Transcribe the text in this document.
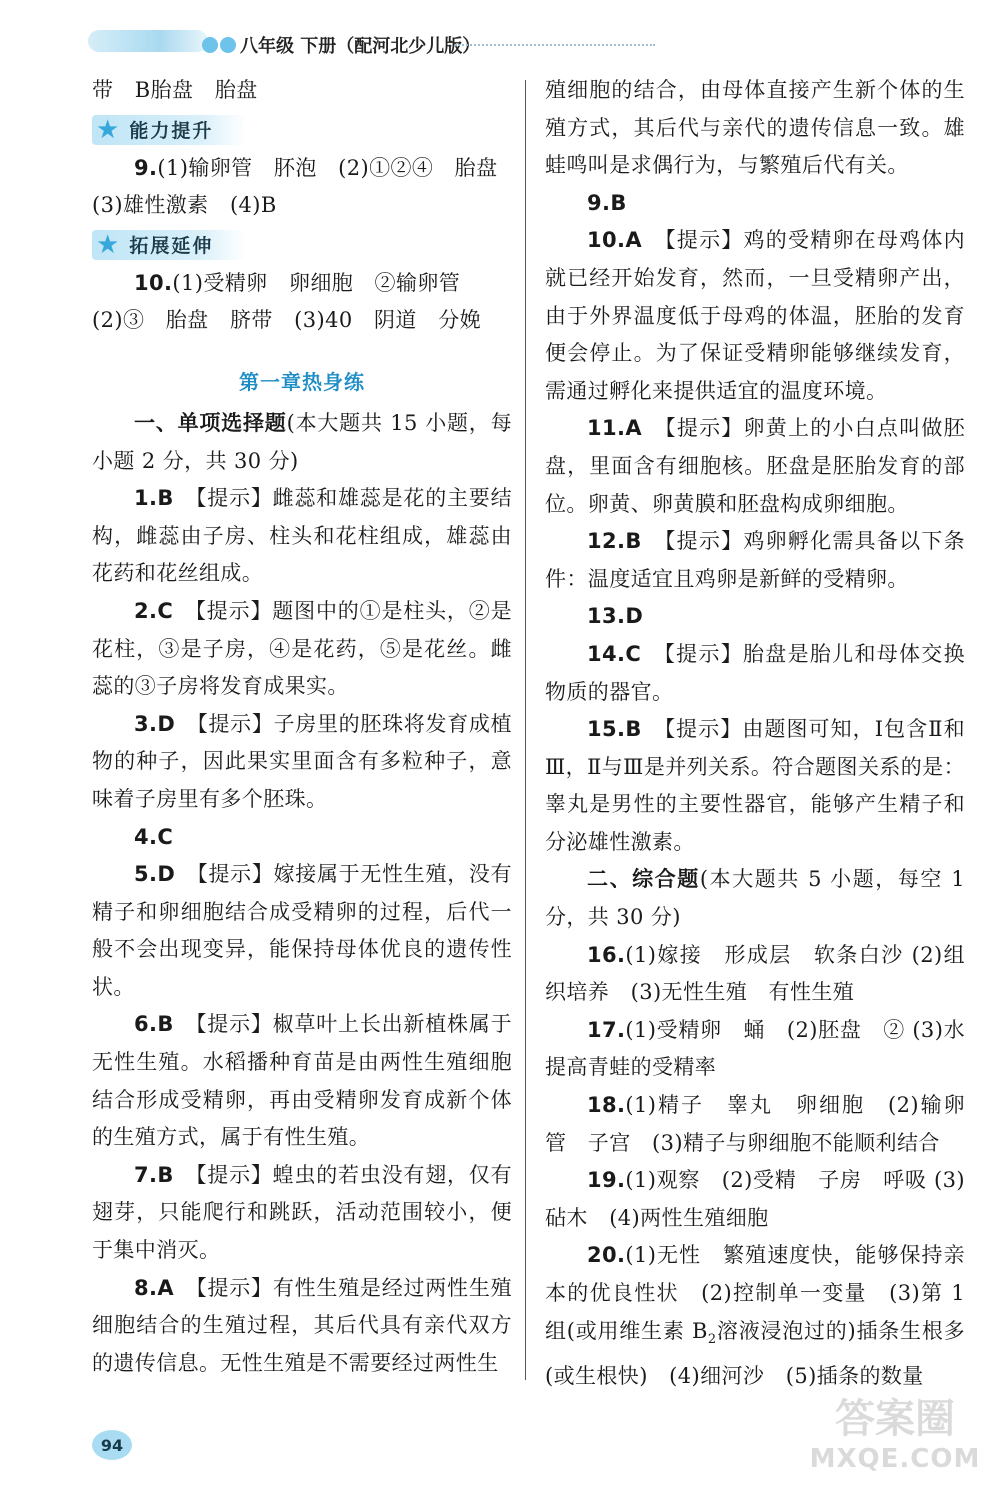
八年级 下册（配河北少儿版）

带　B胎盘　胎盘

★ 能力提升

9.(1)输卵管　肧泡　(2)①②④　胎盘

(3)雄性激素　(4)B

★ 拓展延伸

10.(1)受精卵　卵细胞　②输卵管

(2)③　胎盘　脐带　(3)40　阴道　分娩

第一章热身练

一、单项选择题(本大题共 15 小题，每小题 2 分，共 30 分)

1.B　 【提示】雌蕊和雄蕊是花的主要结构，雌蕊由子房、柱头和花柱组成，雄蕊由花药和花丝组成。

2.C　 【提示】题图中的①是柱头，②是花柱，③是子房，④是花药，⑤是花丝。雌蕊的③子房将发育成果实。

3.D　 【提示】子房里的胚珠将发育成植物的种子，因此果实里面含有多粒种子，意味着子房里有多个胚珠。

4.C

5.D　 【提示】嫁接属于无性生殖，没有精子和卵细胞结合成受精卵的过程，后代一般不会出现变异，能保持母体优良的遗传性状。

6.B　 【提示】椒草叶上长出新植株属于无性生殖。水稻播种育苗是由两性生殖细胞结合形成受精卵，再由受精卵发育成新个体的生殖方式，属于有性生殖。

7.B　 【提示】蝗虫的若虫没有翅，仅有翅芽，只能爬行和跳跃，活动范围较小，便于集中消灭。

8.A　 【提示】有性生殖是经过两性生殖细胞结合的生殖过程，其后代具有亲代双方的遗传信息。无性生殖是不需要经过两性生

殖细胞的结合，由母体直接产生新个体的生殖方式，其后代与亲代的遗传信息一致。雄蛙鸣叫是求偶行为，与繁殖后代有关。

9.B

10.A　 【提示】鸡的受精卵在母鸡体内就已经开始发育，然而，一旦受精卵产出，由于外界温度低于母鸡的体温，胚胎的发育便会停止。为了保证受精卵能够继续发育，需通过孵化来提供适宜的温度环境。

11.A　 【提示】卵黄上的小白点叫做胚盘，里面含有细胞核。胚盘是胚胎发育的部位。卵黄、卵黄膜和胚盘构成卵细胞。

12.B　 【提示】鸡卵孵化需具备以下条件：温度适宜且鸡卵是新鲜的受精卵。

13.D

14.C　 【提示】胎盘是胎儿和母体交换物质的器官。

15.B　 【提示】由题图可知，Ⅰ包含Ⅱ和Ⅲ，Ⅱ与Ⅲ是并列关系。符合题图关系的是：睾丸是男性的主要性器官，能够产生精子和分泌雄性激素。

二、综合题(本大题共 5 小题，每空 1 分，共 30 分)

16.(1)嫁接　形成层　软条白沙 (2)组织培养　(3)无性生殖　有性生殖

17.(1)受精卵　蛹　(2)胚盘　② (3)水　提高青蛙的受精率

18.(1)精子　睾丸　卵细胞　(2)输卵管　子宫　(3)精子与卵细胞不能顺利结合

19.(1)观察　(2)受精　子房　呼吸 (3)砧木　(4)两性生殖细胞

20.(1)无性　繁殖速度快，能够保持亲本的优良性状　(2)控制单一变量　(3)第 1 组(或用维生素 $B_2$溶液浸泡过的)插条生根多(或生根快)　(4)细河沙　(5)插条的数量

94
答案圈
MXQE.COM
